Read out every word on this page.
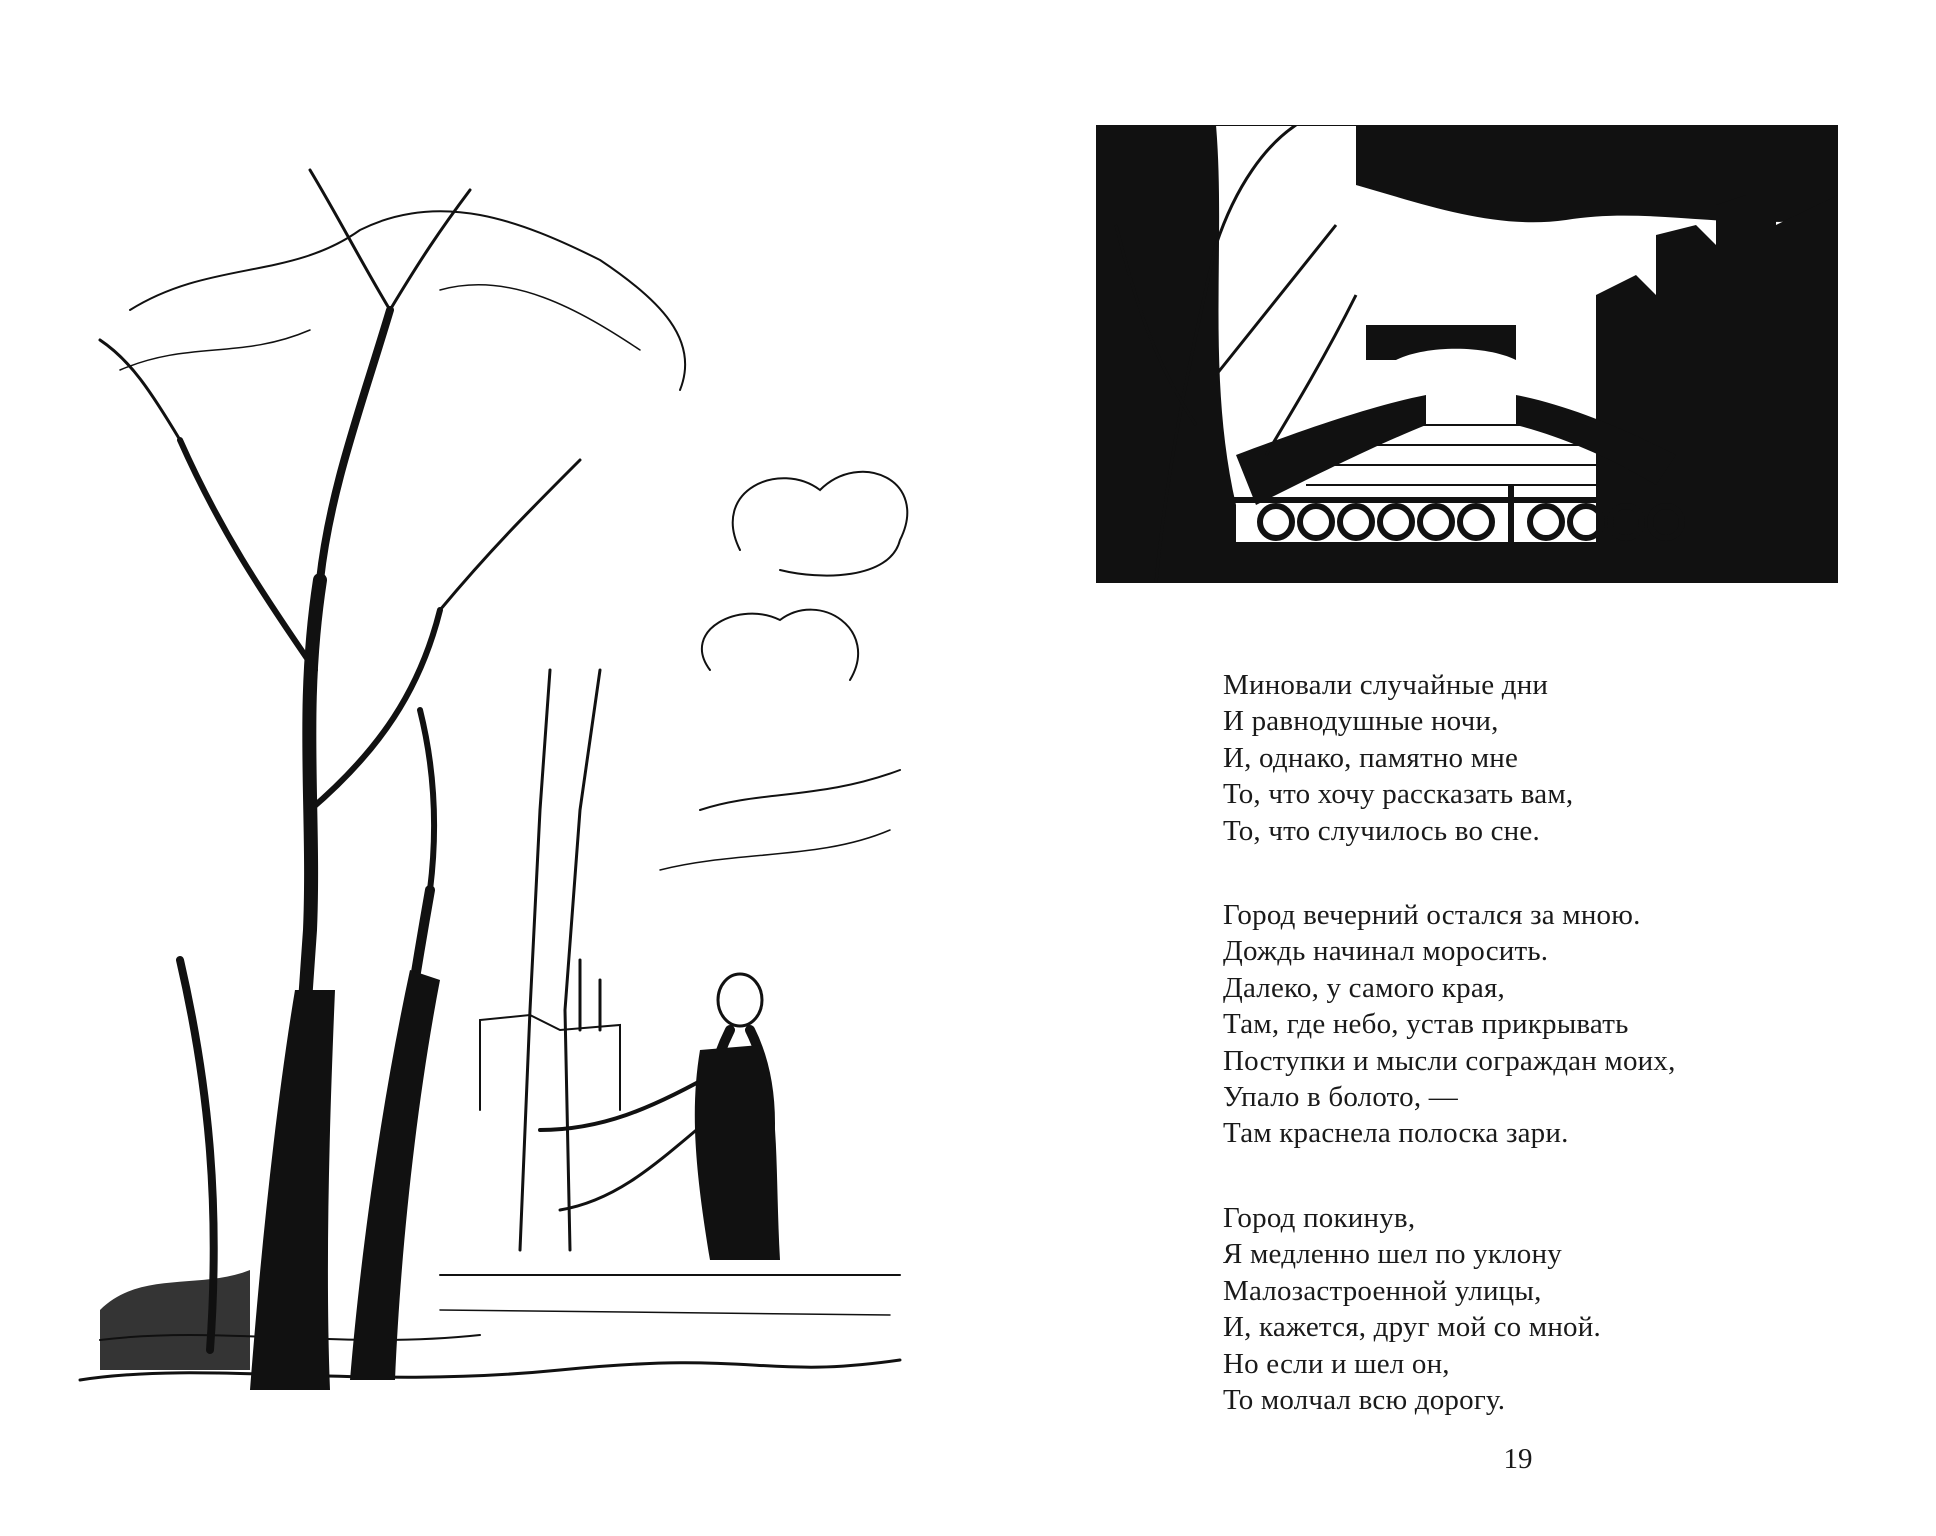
Миновали случайные дни
И равнодушные ночи,
И, однако, памятно мне
То, что хочу рассказать вам,
То, что случилось во сне.
Город вечерний остался за мною.
Дождь начинал моросить.
Далеко, у самого края,
Там, где небо, устав прикрывать
Поступки и мысли сограждан моих,
Упало в болото, —
Там краснела полоска зари.
Город покинув,
Я медленно шел по уклону
Малозастроенной улицы,
И, кажется, друг мой со мной.
Но если и шел он,
То молчал всю дорогу.
19
